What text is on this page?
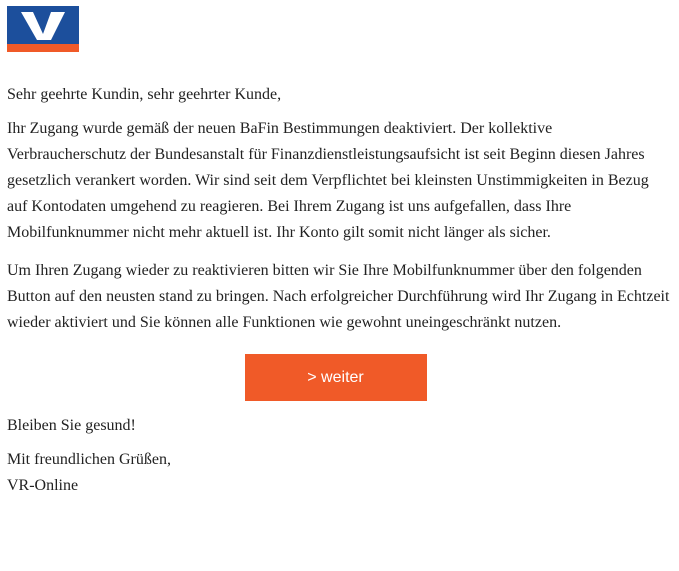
Sehr geehrte Kundin, sehr geehrter Kunde,

Ihr Zugang wurde gemäß der neuen BaFin Bestimmungen deaktiviert. Der kollektive Verbraucherschutz der Bundesanstalt für Finanzdienstleistungsaufsicht ist seit Beginn diesen Jahres gesetzlich verankert worden. Wir sind seit dem Verpflichtet bei kleinsten Unstimmigkeiten in Bezug auf Kontodaten umgehend zu reagieren. Bei Ihrem Zugang ist uns aufgefallen, dass Ihre Mobilfunknummer nicht mehr aktuell ist. Ihr Konto gilt somit nicht länger als sicher.

Um Ihren Zugang wieder zu reaktivieren bitten wir Sie Ihre Mobilfunknummer über den folgenden Button auf den neusten stand zu bringen. Nach erfolgreicher Durchführung wird Ihr Zugang in Echtzeit wieder aktiviert und Sie können alle Funktionen wie gewohnt uneingeschränkt nutzen.

> weiter

Bleiben Sie gesund!

Mit freundlichen Grüßen,

VR-Online
